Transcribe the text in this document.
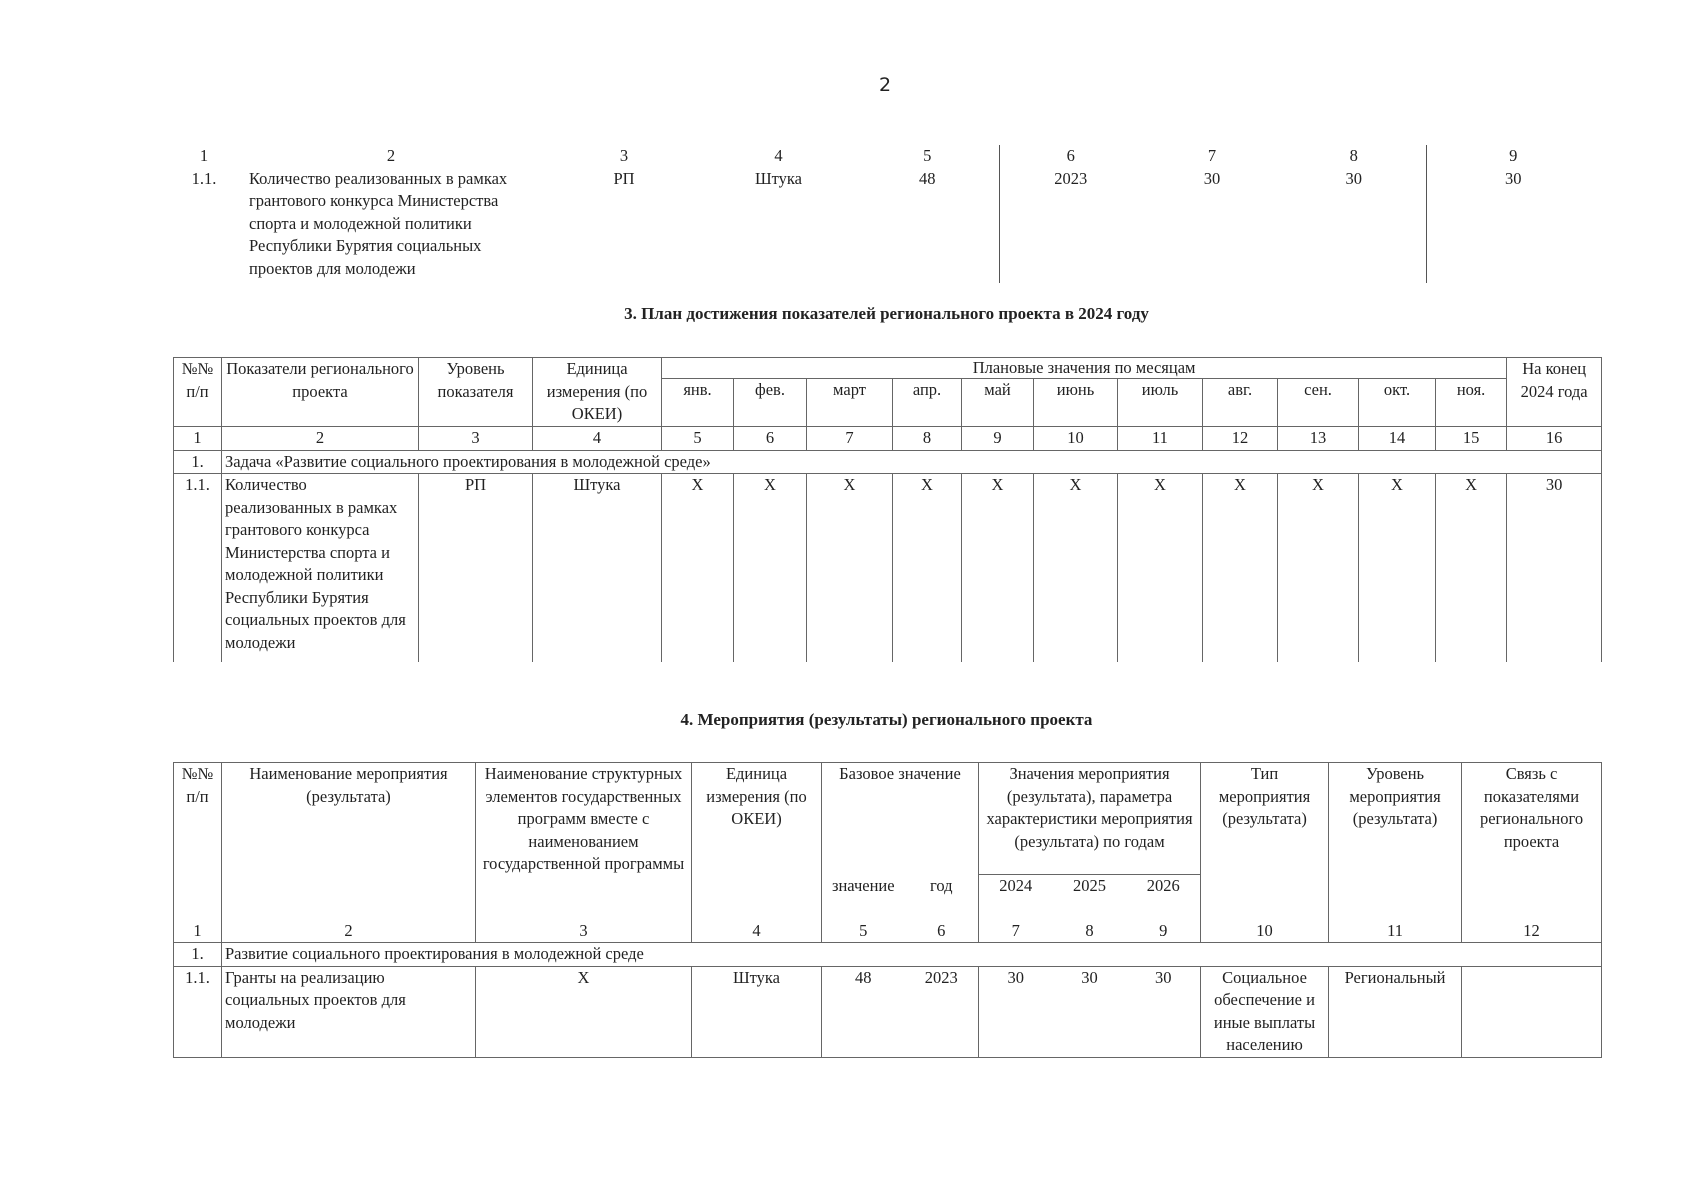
2
1	2	3	4	5	6	7	8	9
1.1.	Количество реализованных в рамках грантового конкурса Министерства спорта и молодежной политики Республики Бурятия социальных проектов для молодежи	РП	Штука	48	2023	30	30	30
3. План достижения показателей регионального проекта в 2024 году
№№ п/п	Показатели регионального проекта	Уровень показателя	Единица измерения (по ОКЕИ)	Плановые значения по месяцам											На конец 2024 года
				янв.	фев.	март	апр.	май	июнь	июль	авг.	сен.	окт.	ноя.	
1	2	3	4	5	6	7	8	9	10	11	12	13	14	15	16
1.	Задача «Развитие социального проектирования в молодежной среде»														
1.1.	Количество реализованных в рамках грантового конкурса Министерства спорта и молодежной политики Республики Бурятия социальных проектов для молодежи	РП	Штука	X	X	X	X	X	X	X	X	X	X	X	30
4. Мероприятия (результаты) регионального проекта
№№ п/п	Наименование мероприятия (результата)	Наименование структурных элементов государственных программ вместе с наименованием государственной программы	Единица измерения (по ОКЕИ)	Базовое значение		Значения мероприятия (результата), параметра характеристики мероприятия (результата) по годам			Тип мероприятия (результата)	Уровень мероприятия (результата)	Связь с показателями регионального проекта
				значение	год	2024	2025	2026			
1	2	3	4	5	6	7	8	9	10	11	12
1.	Развитие социального проектирования в молодежной среде										
1.1.	Гранты на реализацию социальных проектов для молодежи	X	Штука	48	2023	30	30	30	Социальное обеспечение и иные выплаты населению	Региональный	
